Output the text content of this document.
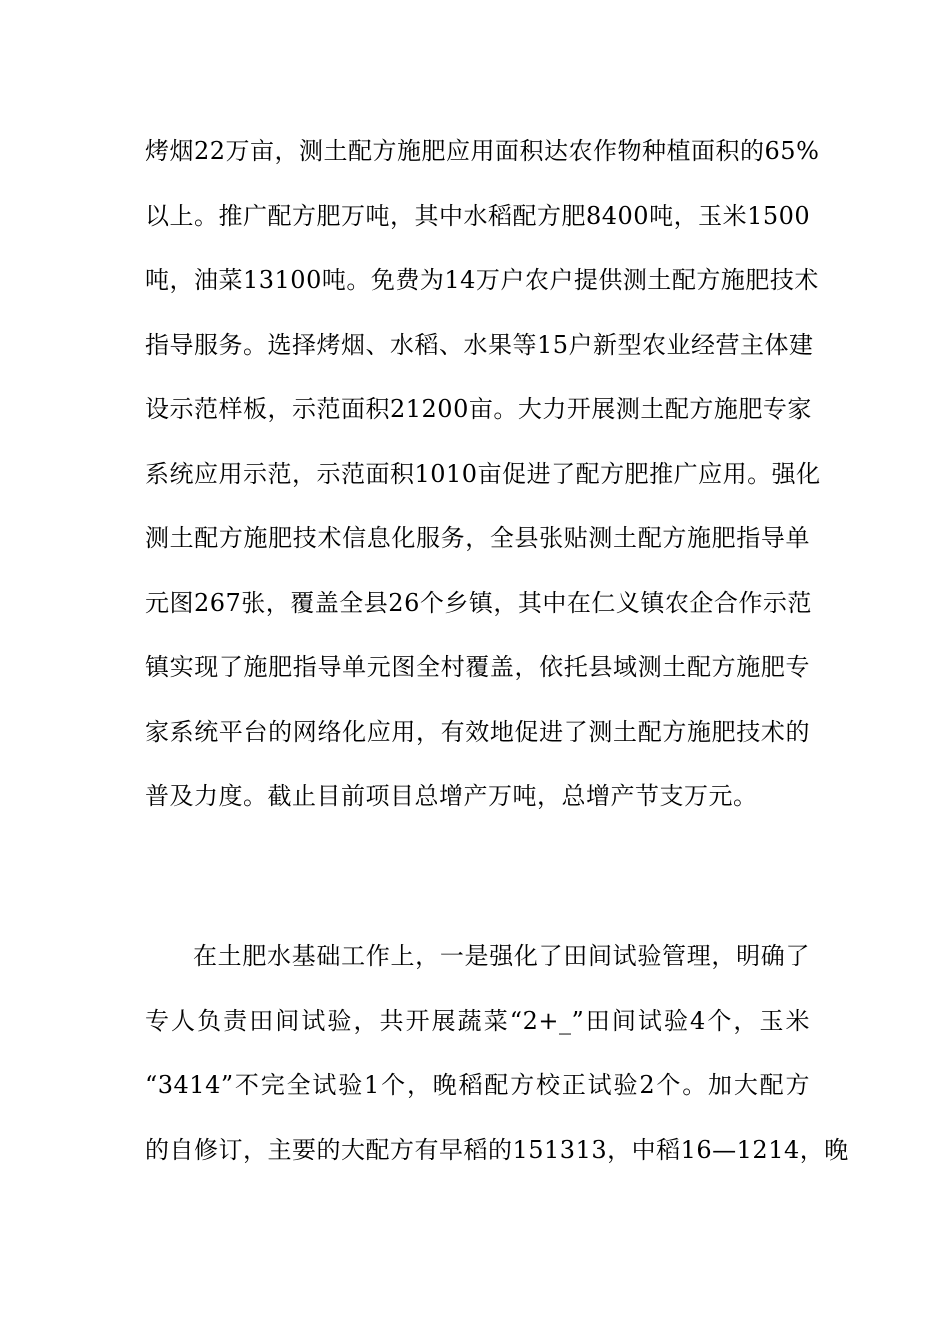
烤烟22万亩，测土配方施肥应用面积达农作物种植面积的65%
以上。推广配方肥万吨，其中水稻配方肥8400吨，玉米1500
吨，油菜13100吨。免费为14万户农户提供测土配方施肥技术
指导服务。选择烤烟、水稻、水果等15户新型农业经营主体建
设示范样板，示范面积21200亩。大力开展测土配方施肥专家
系统应用示范，示范面积1010亩促进了配方肥推广应用。强化
测土配方施肥技术信息化服务，全县张贴测土配方施肥指导单
元图267张，覆盖全县26个乡镇，其中在仁义镇农企合作示范
镇实现了施肥指导单元图全村覆盖，依托县域测土配方施肥专
家系统平台的网络化应用，有效地促进了测土配方施肥技术的
普及力度。截止目前项目总增产万吨，总增产节支万元。
在土肥水基础工作上，一是强化了田间试验管理，明确了
专人负责田间试验，共开展蔬菜“2+_”田间试验4个，玉米
“3414”不完全试验1个，晚稻配方校正试验2个。加大配方
的自修订，主要的大配方有早稻的151313，中稻16—1214，晚
